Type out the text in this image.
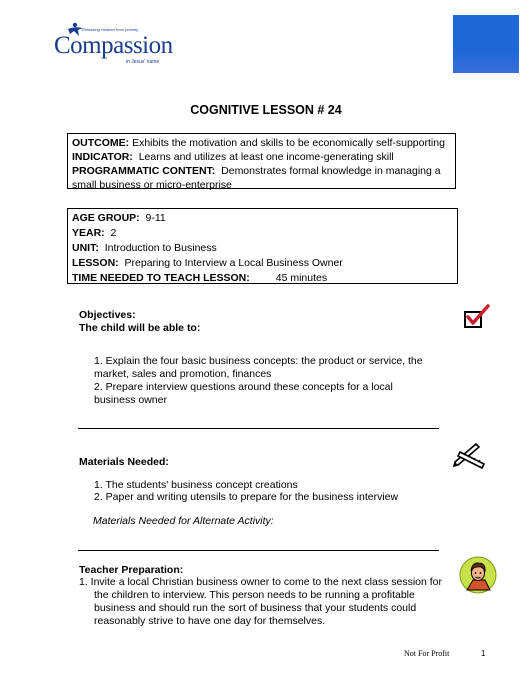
Releasing children from poverty
Compassion
in Jesus' name
COGNITIVE LESSON # 24
OUTCOME: Exhibits the motivation and skills to be economically self-supporting
INDICATOR: Learns and utilizes at least one income-generating skill
PROGRAMMATIC CONTENT: Demonstrates formal knowledge in managing a
small business or micro-enterprise
AGE GROUP: 9-11
YEAR: 2
UNIT: Introduction to Business
LESSON: Preparing to Interview a Local Business Owner
TIME NEEDED TO TEACH LESSON: 45 minutes
Objectives:
The child will be able to:
1. Explain the four basic business concepts: the product or service, the
market, sales and promotion, finances
2. Prepare interview questions around these concepts for a local
business owner
Materials Needed:
1. The students' business concept creations
2. Paper and writing utensils to prepare for the business interview
Materials Needed for Alternate Activity:
Teacher Preparation:
1. Invite a local Christian business owner to come to the next class session for
the children to interview. This person needs to be running a profitable
business and should run the sort of business that your students could
reasonably strive to have one day for themselves.
Not For Profit	1
